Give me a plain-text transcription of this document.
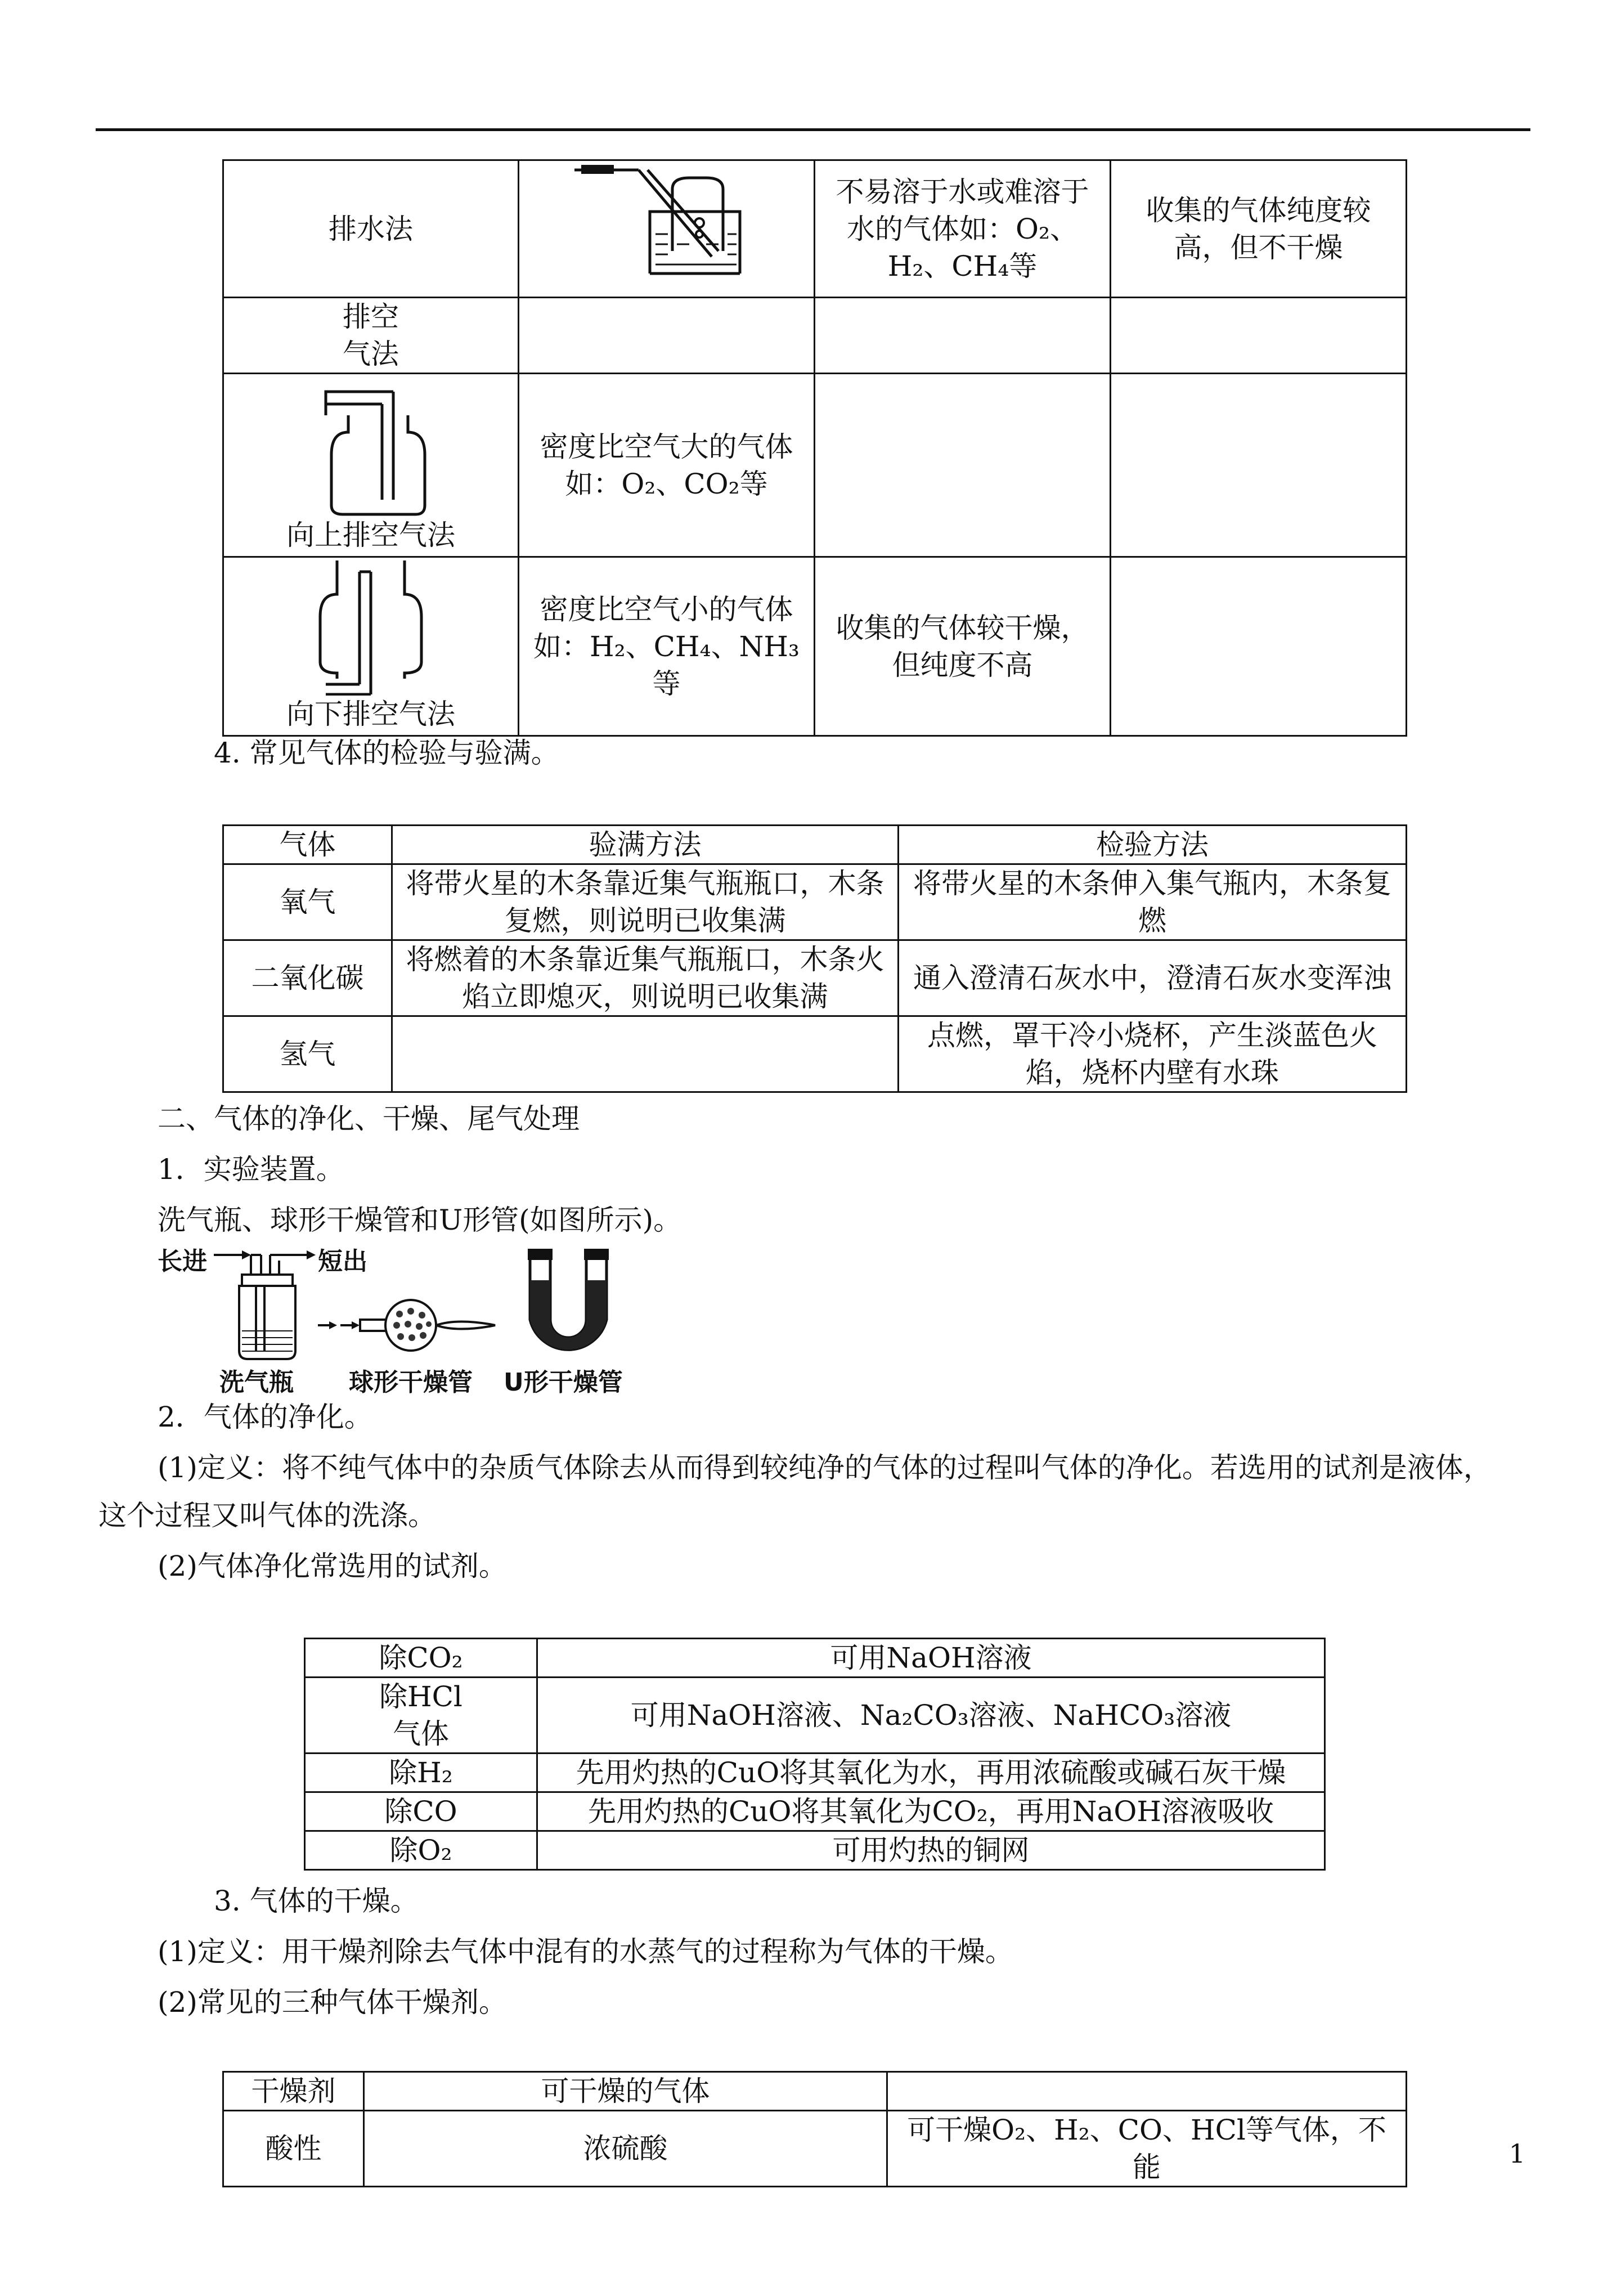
排水法		不易溶于水或难溶于水的气体如：O₂、H₂、CH₄等	收集的气体纯度较高，但不干燥
排空气法			

向上排空气法	密度比空气大的气体如：O₂、CO₂等		

向下排空气法	密度比空气小的气体如：H₂、CH₄、NH₃等	收集的气体较干燥，但纯度不高	
4. 常见气体的检验与验满。
气体	验满方法	检验方法
氧气	将带火星的木条靠近集气瓶瓶口，木条复燃，则说明已收集满	将带火星的木条伸入集气瓶内，木条复燃
二氧化碳	将燃着的木条靠近集气瓶瓶口，木条火焰立即熄灭，则说明已收集满	通入澄清石灰水中，澄清石灰水变浑浊
氢气		点燃，罩干冷小烧杯，产生淡蓝色火焰，烧杯内壁有水珠
二、气体的净化、干燥、尾气处理
1．实验装置。
洗气瓶、球形干燥管和U形管(如图所示)。
长进	短出
洗气瓶 球形干燥管 U形干燥管
2．气体的净化。
(1)定义：将不纯气体中的杂质气体除去从而得到较纯净的气体的过程叫气体的净化。若选用的试剂是液体，
这个过程又叫气体的洗涤。
(2)气体净化常选用的试剂。
除CO₂	可用NaOH溶液
除HCl气体	可用NaOH溶液、Na₂CO₃溶液、NaHCO₃溶液
除H₂	先用灼热的CuO将其氧化为水，再用浓硫酸或碱石灰干燥
除CO	先用灼热的CuO将其氧化为CO₂，再用NaOH溶液吸收
除O₂	可用灼热的铜网
3. 气体的干燥。
(1)定义：用干燥剂除去气体中混有的水蒸气的过程称为气体的干燥。
(2)常见的三种气体干燥剂。
干燥剂	可干燥的气体	
酸性	浓硫酸	可干燥O₂、H₂、CO、HCl等气体，不能	1
